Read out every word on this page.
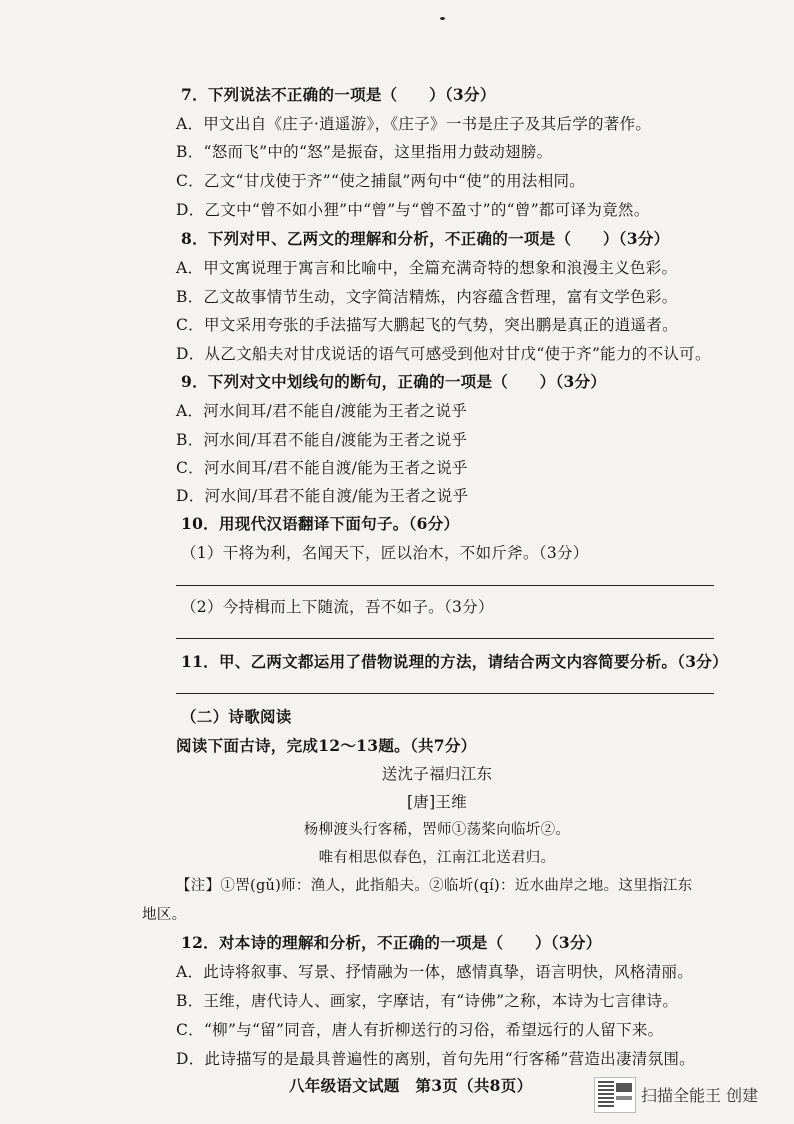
7．下列说法不正确的一项是（　　）（3分）
A．甲文出自《庄子·逍遥游》，《庄子》一书是庄子及其后学的著作。
B．“怒而飞”中的“怒”是振奋，这里指用力鼓动翅膀。
C．乙文“甘戊使于齐”“使之捕鼠”两句中“使”的用法相同。
D．乙文中“曾不如小狸”中“曾”与“曾不盈寸”的“曾”都可译为竟然。
8．下列对甲、乙两文的理解和分析，不正确的一项是（　　）（3分）
A．甲文寓说理于寓言和比喻中，全篇充满奇特的想象和浪漫主义色彩。
B．乙文故事情节生动，文字简洁精炼，内容蕴含哲理，富有文学色彩。
C．甲文采用夸张的手法描写大鹏起飞的气势，突出鹏是真正的逍遥者。
D．从乙文船夫对甘戊说话的语气可感受到他对甘戊“使于齐”能力的不认可。
9．下列对文中划线句的断句，正确的一项是（　　）（3分）
A．河水间耳/君不能自/渡能为王者之说乎
B．河水间/耳君不能自/渡能为王者之说乎
C．河水间耳/君不能自渡/能为王者之说乎
D．河水间/耳君不能自渡/能为王者之说乎
10．用现代汉语翻译下面句子。（6分）
（1）干将为利，名闻天下，匠以治木，不如斤斧。（3分）
（2）今持楫而上下随流，吾不如子。（3分）
11．甲、乙两文都运用了借物说理的方法，请结合两文内容简要分析。（3分）
（二）诗歌阅读
阅读下面古诗，完成12～13题。（共7分）
送沈子福归江东
[唐]王维
杨柳渡头行客稀，罟师①荡桨向临圻②。
唯有相思似春色，江南江北送君归。
【注】①罟(gǔ)师：渔人，此指船夫。②临圻(qí)：近水曲岸之地。这里指江东
地区。
12．对本诗的理解和分析，不正确的一项是（　　）（3分）
A．此诗将叙事、写景、抒情融为一体，感情真挚，语言明快，风格清丽。
B．王维，唐代诗人、画家，字摩诘，有“诗佛”之称，本诗为七言律诗。
C．“柳”与“留”同音，唐人有折柳送行的习俗，希望远行的人留下来。
D．此诗描写的是最具普遍性的离别，首句先用“行客稀”营造出凄清氛围。
八年级语文试题　第3页（共8页）
扫描全能王 创建
